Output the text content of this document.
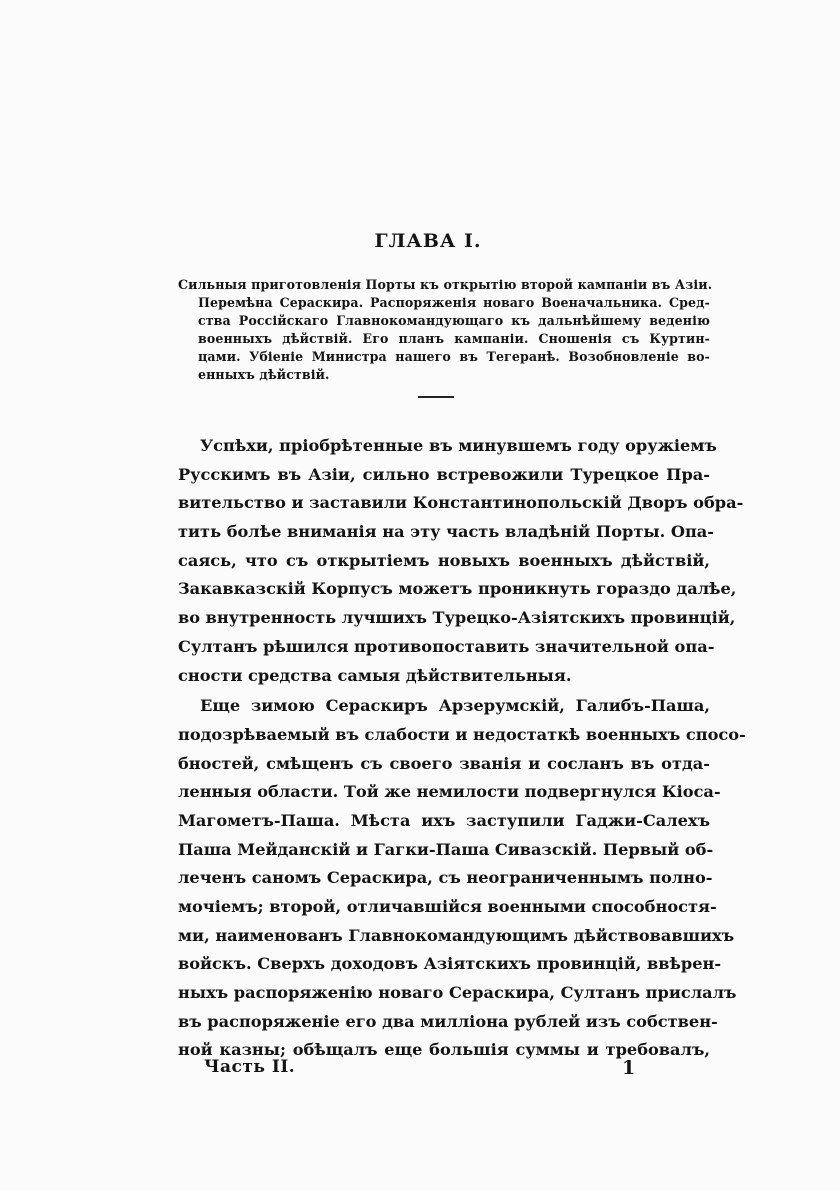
ГЛАВА I.
Сильныя приготовленія Порты къ открытію второй кампаніи въ Азіи.
Перемѣна Сераскира. Распоряженія новаго Военачальника. Сред-
ства Россійскаго Главнокомандующаго къ дальнѣйшему веденію
военныхъ дѣйствій. Его планъ кампаніи. Сношенія съ Куртин-
цами. Убіеніе Министра нашего въ Тегеранѣ. Возобновленіе во-
енныхъ дѣйствій.
Успѣхи, пріобрѣтенные въ минувшемъ году оружіемъ
Русскимъ въ Азіи, сильно встревожили Турецкое Пра-
вительство и заставили Константинопольскій Дворъ обра-
тить болѣе вниманія на эту часть владѣній Порты. Опа-
саясь, что съ открытіемъ новыхъ военныхъ дѣйствій,
Закавказскій Корпусъ можетъ проникнуть гораздо далѣе,
во внутренность лучшихъ Турецко-Азіятскихъ провинцій,
Султанъ рѣшился противопоставить значительной опа-
сности средства самыя дѣйствительныя.
Еще зимою Сераскиръ Арзерумскій, Галибъ-Паша,
подозрѣваемый въ слабости и недостаткѣ военныхъ спосо-
бностей, смѣщенъ съ своего званія и сосланъ въ отда-
ленныя области. Той же немилости подвергнулся Кіоса-
Магометъ-Паша. Мѣста ихъ заступили Гаджи-Салехъ
Паша Мейданскій и Гагки-Паша Сивазскій. Первый об-
леченъ саномъ Сераскира, съ неограниченнымъ полно-
мочіемъ; второй, отличавшійся военными способностя-
ми, наименованъ Главнокомандующимъ дѣйствовавшихъ
войскъ. Сверхъ доходовъ Азіятскихъ провинцій, ввѣрен-
ныхъ распоряженію новаго Сераскира, Султанъ прислалъ
въ распоряженіе его два милліона рублей изъ собствен-
ной казны; обѣщалъ еще большія суммы и требовалъ,
Часть II.	1
